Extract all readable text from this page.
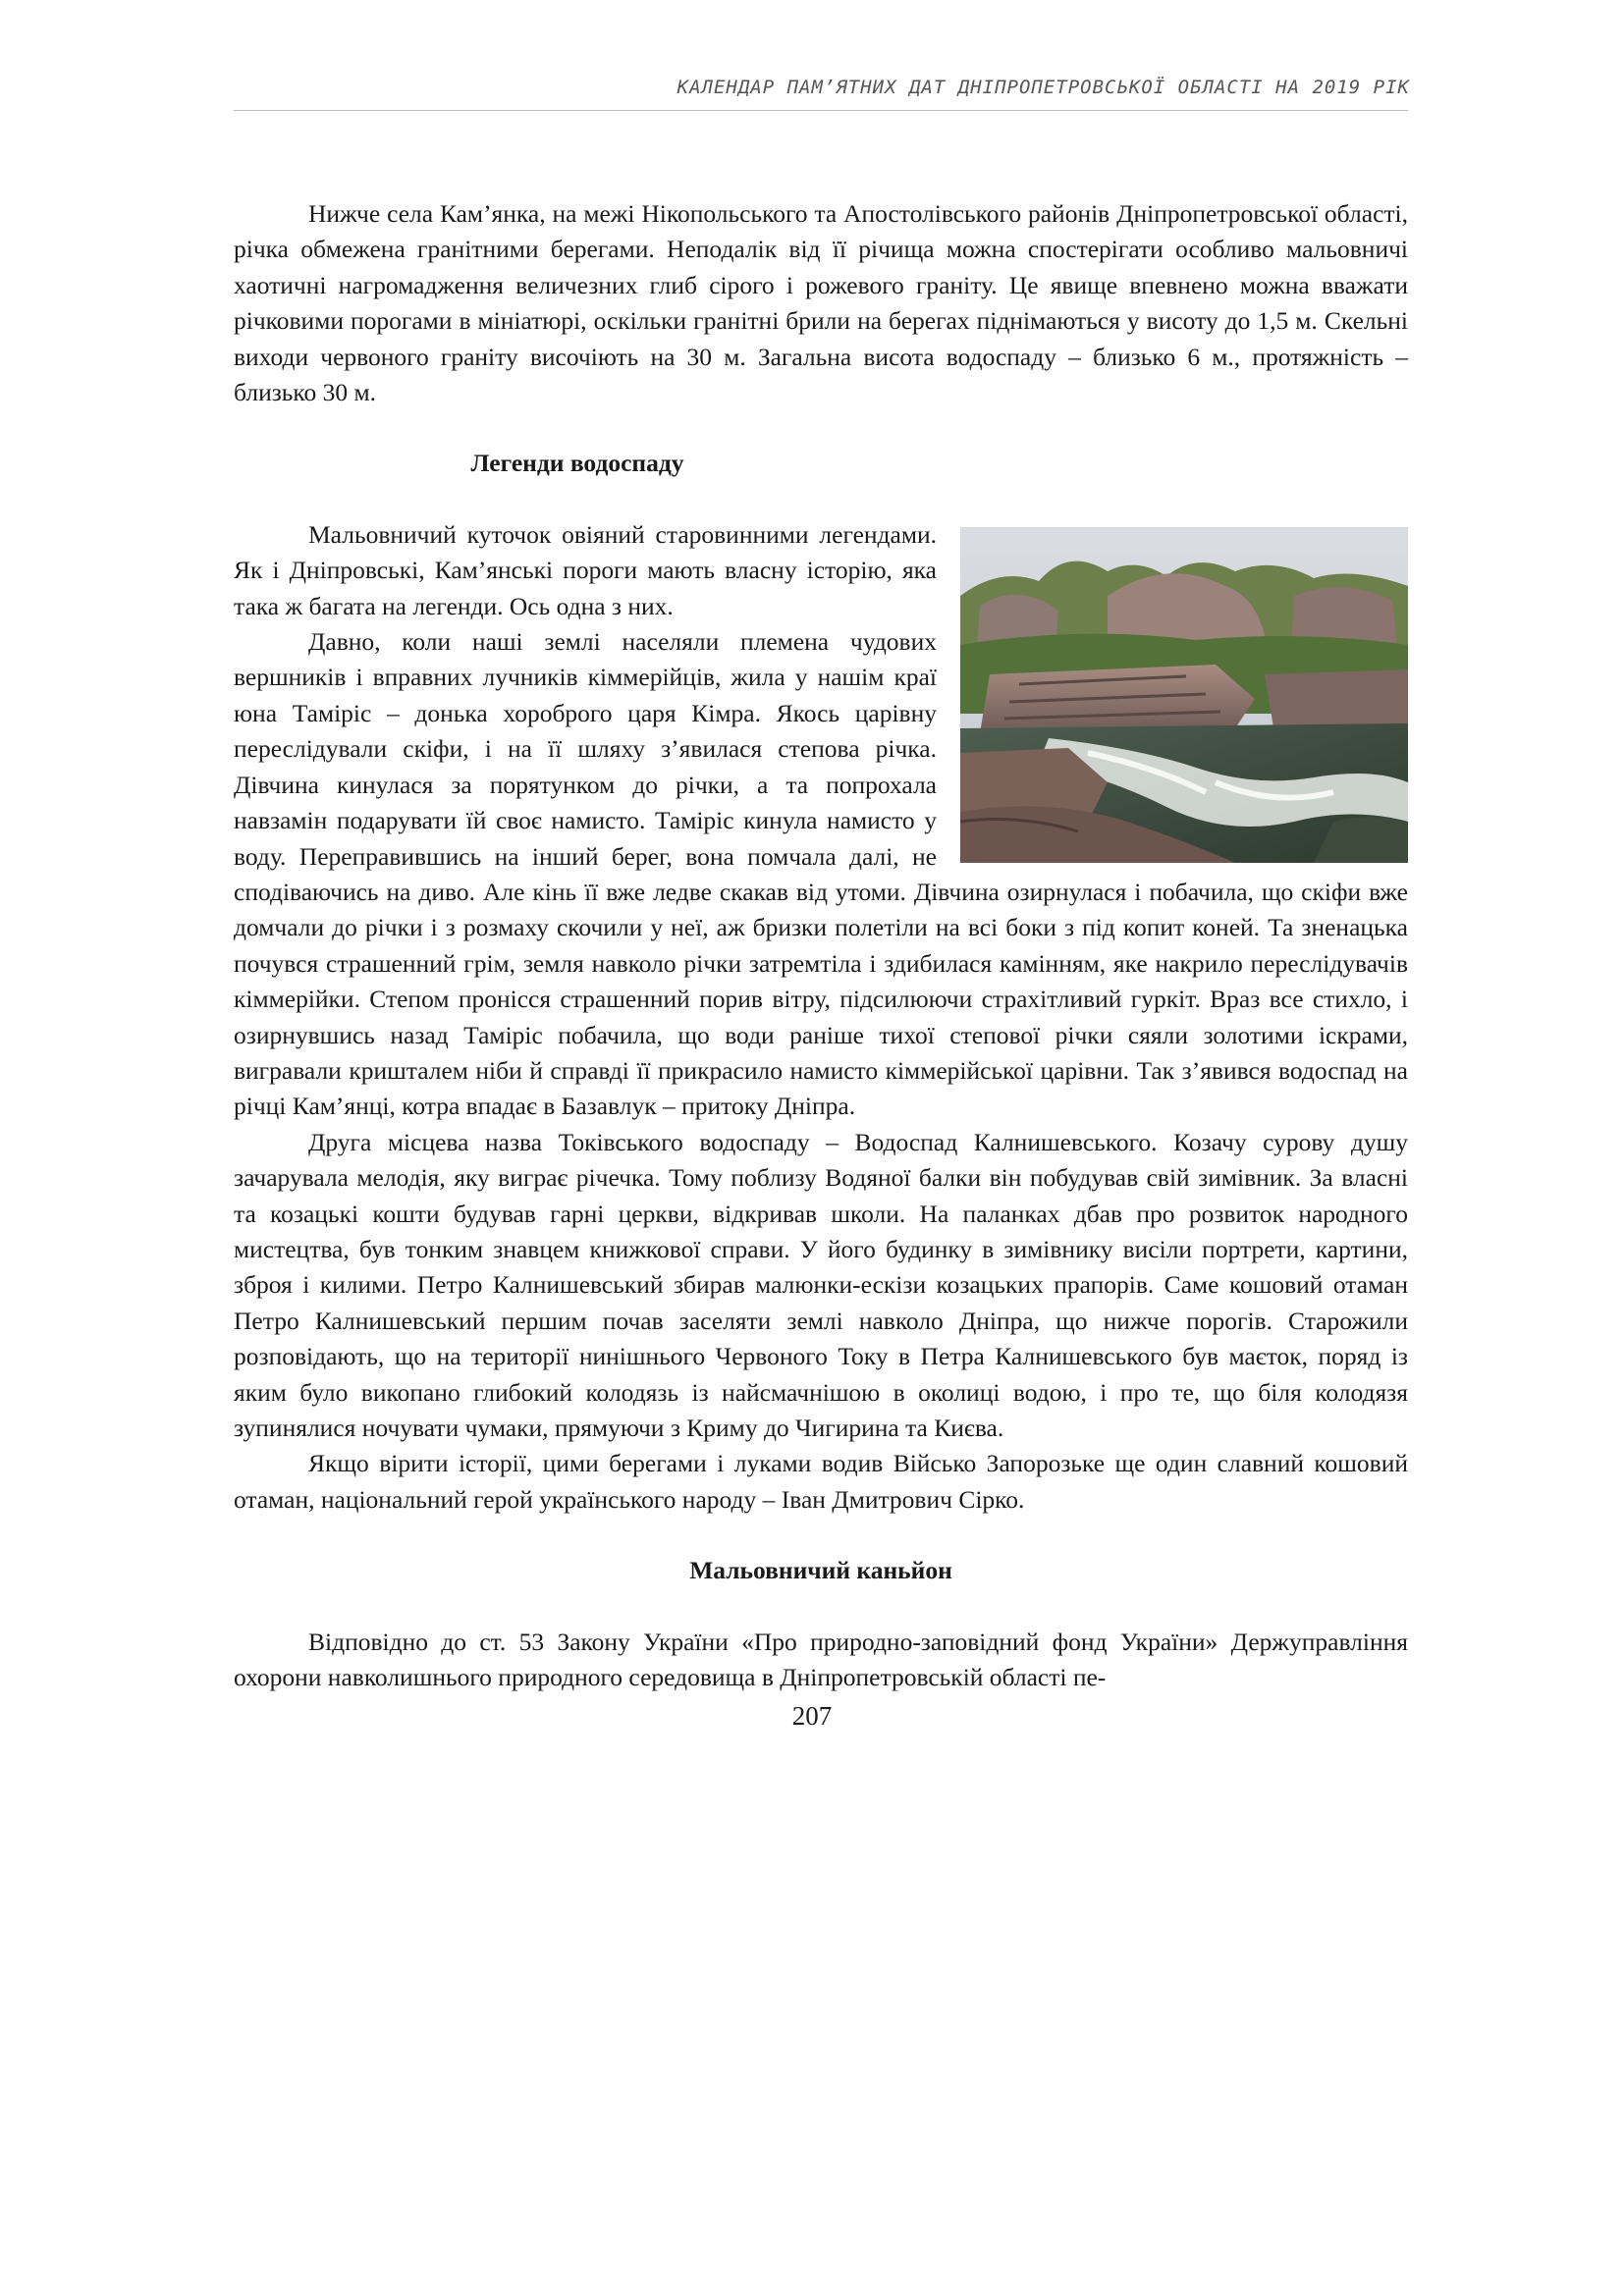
КАЛЕНДАР ПАМ’ЯТНИХ ДАТ ДНІПРОПЕТРОВСЬКОЇ ОБЛАСТІ НА 2019 РІК

Нижче села Кам’янка, на межі Нікопольського та Апостолівського районів Дніпропетровської області, річка обмежена гранітними берегами. Неподалік від її річища можна спостерігати особливо мальовничі хаотичні нагромадження величезних глиб сірого і рожевого граніту. Це явище впевнено можна вважати річковими порогами в мініатюрі, оскільки гранітні брили на берегах піднімаються у висоту до 1,5 м. Скельні виходи червоного граніту височіють на 30 м. Загальна висота водоспаду – близько 6 м., протяжність – близько 30 м.

Легенди водоспаду

Мальовничий куточок овіяний старовинними легендами. Як і Дніпровські, Кам’янські пороги мають власну історію, яка така ж багата на легенди. Ось одна з них.

Давно, коли наші землі населяли племена чудових вершників і вправних лучників кіммерійців, жила у нашім краї юна Таміріс – донька хороброго царя Кімра. Якось царівну переслідували скіфи, і на її шляху з’явилася степова річка. Дівчина кинулася за порятунком до річки, а та попрохала навзамін подарувати їй своє намисто. Таміріс кинула намисто у воду. Переправившись на інший берег, вона помчала далі, не сподіваючись на диво. Але кінь її вже ледве скакав від утоми. Дівчина озирнулася і побачила, що скіфи вже домчали до річки і з розмаху скочили у неї, аж бризки полетіли на всі боки з під копит коней. Та зненацька почувся страшенний грім, земля навколо річки затремтіла і здибилася камінням, яке накрило переслідувачів кіммерійки. Степом пронісся страшенний порив вітру, підсилюючи страхітливий гуркіт. Враз все стихло, і озирнувшись назад Таміріс побачила, що води раніше тихої степової річки сяяли золотими іскрами, вигравали кришталем ніби й справді її прикрасило намисто кіммерійської царівни. Так з’явився водоспад на річці Кам’янці, котра впадає в Базавлук – притоку Дніпра.

Друга місцева назва Токівського водоспаду – Водоспад Калнишевського. Козачу сурову душу зачарувала мелодія, яку виграє річечка. Тому поблизу Водяної балки він побудував свій зимівник. За власні та козацькі кошти будував гарні церкви, відкривав школи. На паланках дбав про розвиток народного мистецтва, був тонким знавцем книжкової справи. У його будинку в зимівнику висіли портрети, картини, зброя і килими. Петро Калнишевський збирав малюнки-ескізи козацьких прапорів. Саме кошовий отаман Петро Калнишевський першим почав заселяти землі навколо Дніпра, що нижче порогів. Старожили розповідають, що на території нинішнього Червоного Току в Петра Калнишевського був маєток, поряд із яким було викопано глибокий колодязь із найсмачнішою в околиці водою, і про те, що біля колодязя зупинялися ночувати чумаки, прямуючи з Криму до Чигирина та Києва.

Якщо вірити історії, цими берегами і луками водив Військо Запорозьке ще один славний кошовий отаман, національний герой українського народу – Іван Дмитрович Сірко.

Мальовничий каньйон

Відповідно до ст. 53 Закону України «Про природно-заповідний фонд України» Держуправління охорони навколишнього природного середовища в Дніпропетровській області пе-

207
